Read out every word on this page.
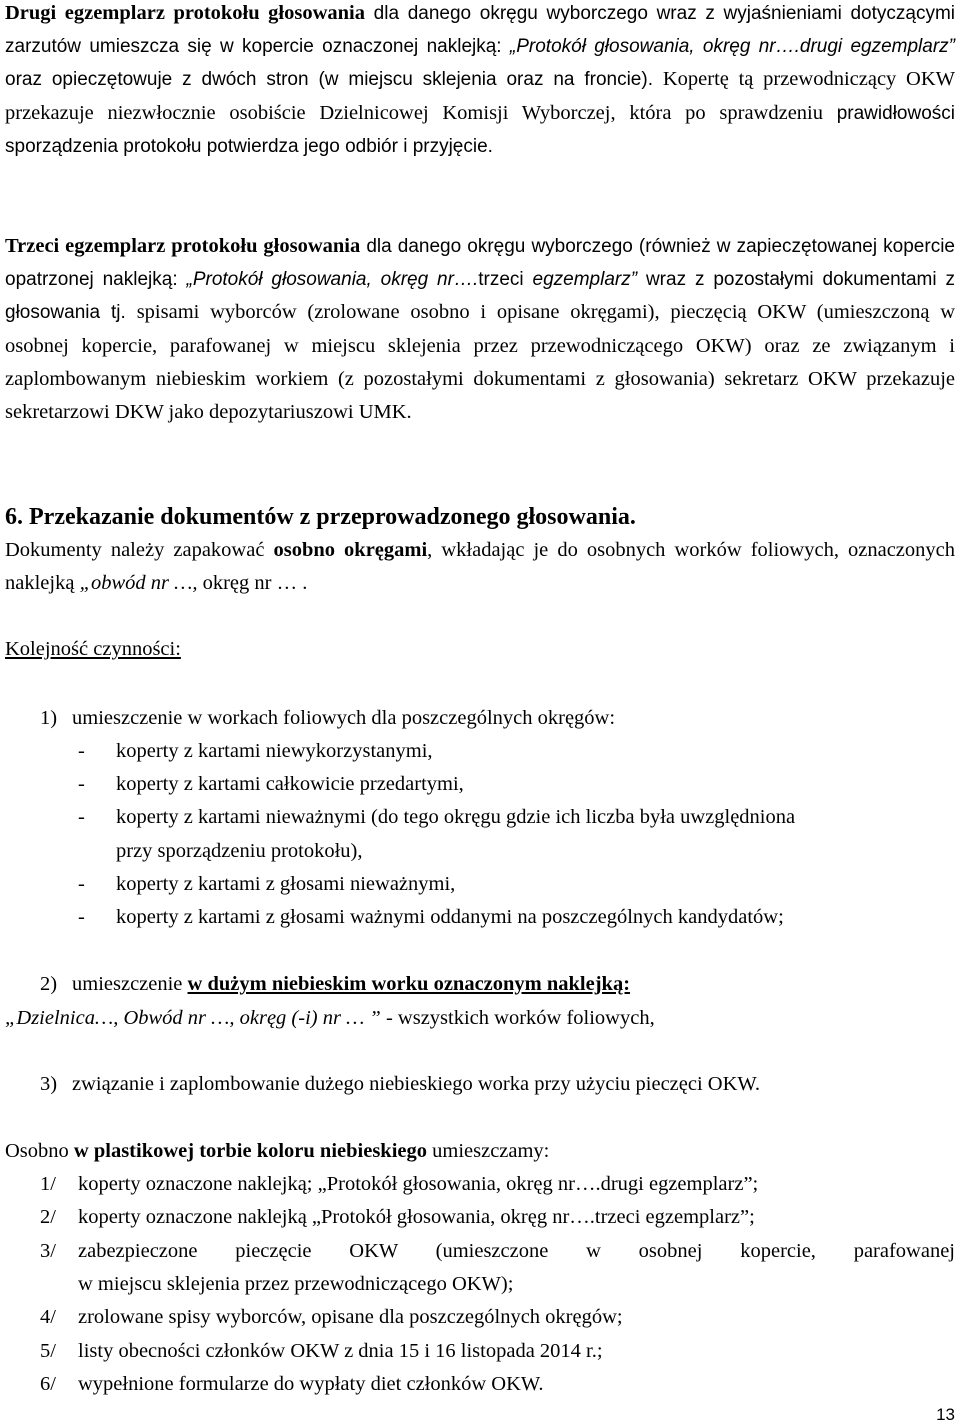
Drugi egzemplarz protokołu głosowania dla danego okręgu wyborczego wraz z wyjaśnieniami dotyczącymi zarzutów umieszcza się w kopercie oznaczonej naklejką: „Protokół głosowania, okręg nr….drugi egzemplarz” oraz opieczętowuje z dwóch stron (w miejscu sklejenia oraz na froncie). Kopertę tą przewodniczący OKW przekazuje niezwłocznie osobiście Dzielnicowej Komisji Wyborczej, która po sprawdzeniu prawidłowości sporządzenia protokołu potwierdza jego odbiór i przyjęcie.

Trzeci egzemplarz protokołu głosowania dla danego okręgu wyborczego (również w zapieczętowanej kopercie opatrzonej naklejką: „Protokół głosowania, okręg nr….trzeci egzemplarz” wraz z pozostałymi dokumentami z głosowania tj. spisami wyborców (zrolowane osobno i opisane okręgami), pieczęcią OKW (umieszczoną w osobnej kopercie, parafowanej w miejscu sklejenia przez przewodniczącego OKW) oraz ze związanym i zaplombowanym niebieskim workiem (z pozostałymi dokumentami z głosowania) sekretarz OKW przekazuje sekretarzowi DKW jako depozytariuszowi UMK.

6. Przekazanie dokumentów z przeprowadzonego głosowania.

Dokumenty należy zapakować osobno okręgami, wkładając je do osobnych worków foliowych, oznaczonych naklejką „obwód nr …, okręg nr … .

Kolejność czynności:

1) umieszczenie w workach foliowych dla poszczególnych okręgów:

- koperty z kartami niewykorzystanymi,

- koperty z kartami całkowicie przedartymi,

- koperty z kartami nieważnymi (do tego okręgu gdzie ich liczba była uwzględniona

przy sporządzeniu protokołu),

- koperty z kartami z głosami nieważnymi,

- koperty z kartami z głosami ważnymi oddanymi na poszczególnych kandydatów;

2) umieszczenie w dużym niebieskim worku oznaczonym naklejką:

„Dzielnica…, Obwód nr …, okręg (-i) nr … ” - wszystkich worków foliowych,

3) związanie i zaplombowanie dużego niebieskiego worka przy użyciu pieczęci OKW.

Osobno w plastikowej torbie koloru niebieskiego umieszczamy:

1/ koperty oznaczone naklejką; „Protokół głosowania, okręg nr….drugi egzemplarz”;

2/ koperty oznaczone naklejką „Protokół głosowania, okręg nr….trzeci egzemplarz”;

3/ zabezpieczone pieczęcie OKW (umieszczone w osobnej kopercie, parafowanej

w miejscu sklejenia przez przewodniczącego OKW);

4/ zrolowane spisy wyborców, opisane dla poszczególnych okręgów;

5/ listy obecności członków OKW z dnia 15 i 16 listopada 2014 r.;

6/ wypełnione formularze do wypłaty diet członków OKW.

13
